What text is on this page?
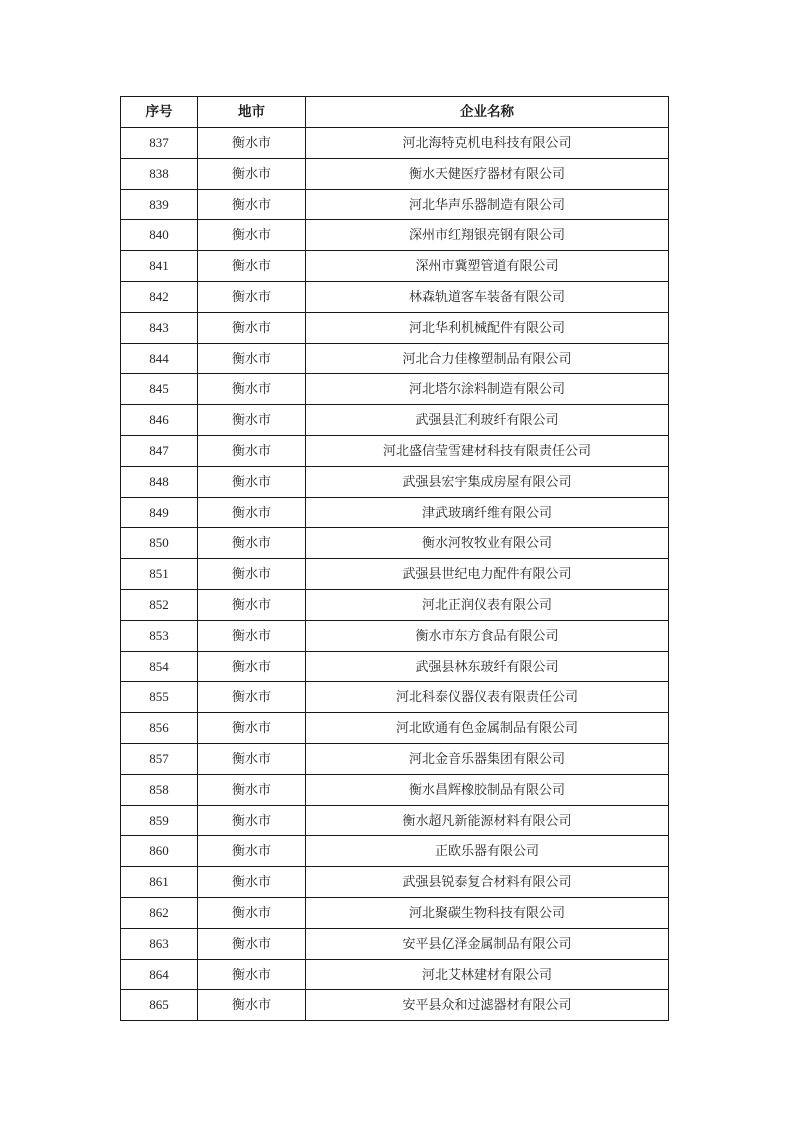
序号	地市	企业名称
837	衡水市	河北海特克机电科技有限公司
838	衡水市	衡水天健医疗器材有限公司
839	衡水市	河北华声乐器制造有限公司
840	衡水市	深州市红翔银亮钢有限公司
841	衡水市	深州市冀塑管道有限公司
842	衡水市	林森轨道客车装备有限公司
843	衡水市	河北华利机械配件有限公司
844	衡水市	河北合力佳橡塑制品有限公司
845	衡水市	河北塔尔涂料制造有限公司
846	衡水市	武强县汇利玻纤有限公司
847	衡水市	河北盛信莹雪建材科技有限责任公司
848	衡水市	武强县宏宇集成房屋有限公司
849	衡水市	津武玻璃纤维有限公司
850	衡水市	衡水河牧牧业有限公司
851	衡水市	武强县世纪电力配件有限公司
852	衡水市	河北正润仪表有限公司
853	衡水市	衡水市东方食品有限公司
854	衡水市	武强县林东玻纤有限公司
855	衡水市	河北科泰仪器仪表有限责任公司
856	衡水市	河北欧通有色金属制品有限公司
857	衡水市	河北金音乐器集团有限公司
858	衡水市	衡水昌辉橡胶制品有限公司
859	衡水市	衡水超凡新能源材料有限公司
860	衡水市	正欧乐器有限公司
861	衡水市	武强县锐泰复合材料有限公司
862	衡水市	河北聚碳生物科技有限公司
863	衡水市	安平县亿泽金属制品有限公司
864	衡水市	河北艾林建材有限公司
865	衡水市	安平县众和过滤器材有限公司
